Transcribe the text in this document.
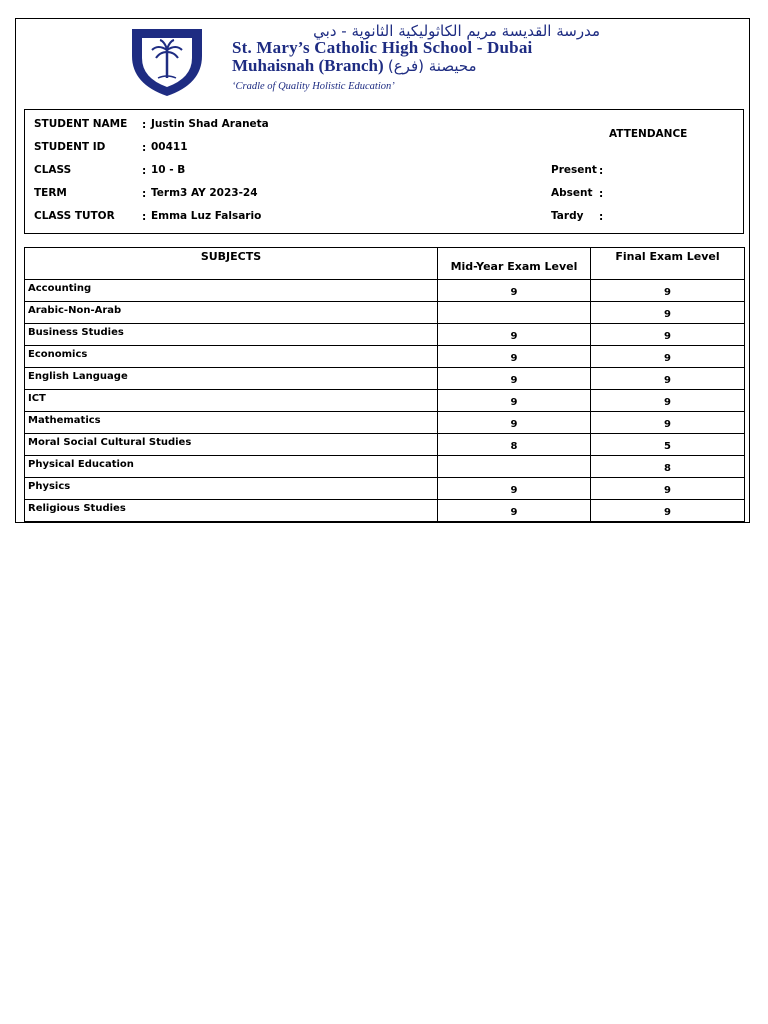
مدرسة القديسة مريم الكاثوليكية الثانوية - دبي
St. Mary’s Catholic High School - Dubai
Muhaisnah (Branch) محيصنة (فرع)
‘Cradle of Quality Holistic Education’
STUDENT NAME : Justin Shad Araneta
STUDENT ID	: 00411
CLASS	: 10 - B
TERM	: Term3 AY 2023-24
CLASS TUTOR	: Emma Luz Falsario
ATTENDANCE
Present :
Absent :
Tardy :
SUBJECTS	Mid-Year Exam Level	Final Exam Level
Accounting	9	9
Arabic-Non-Arab		9
Business Studies	9	9
Economics	9	9
English Language	9	9
ICT	9	9
Mathematics	9	9
Moral Social Cultural Studies	8	5
Physical Education		8
Physics	9	9
Religious Studies	9	9
